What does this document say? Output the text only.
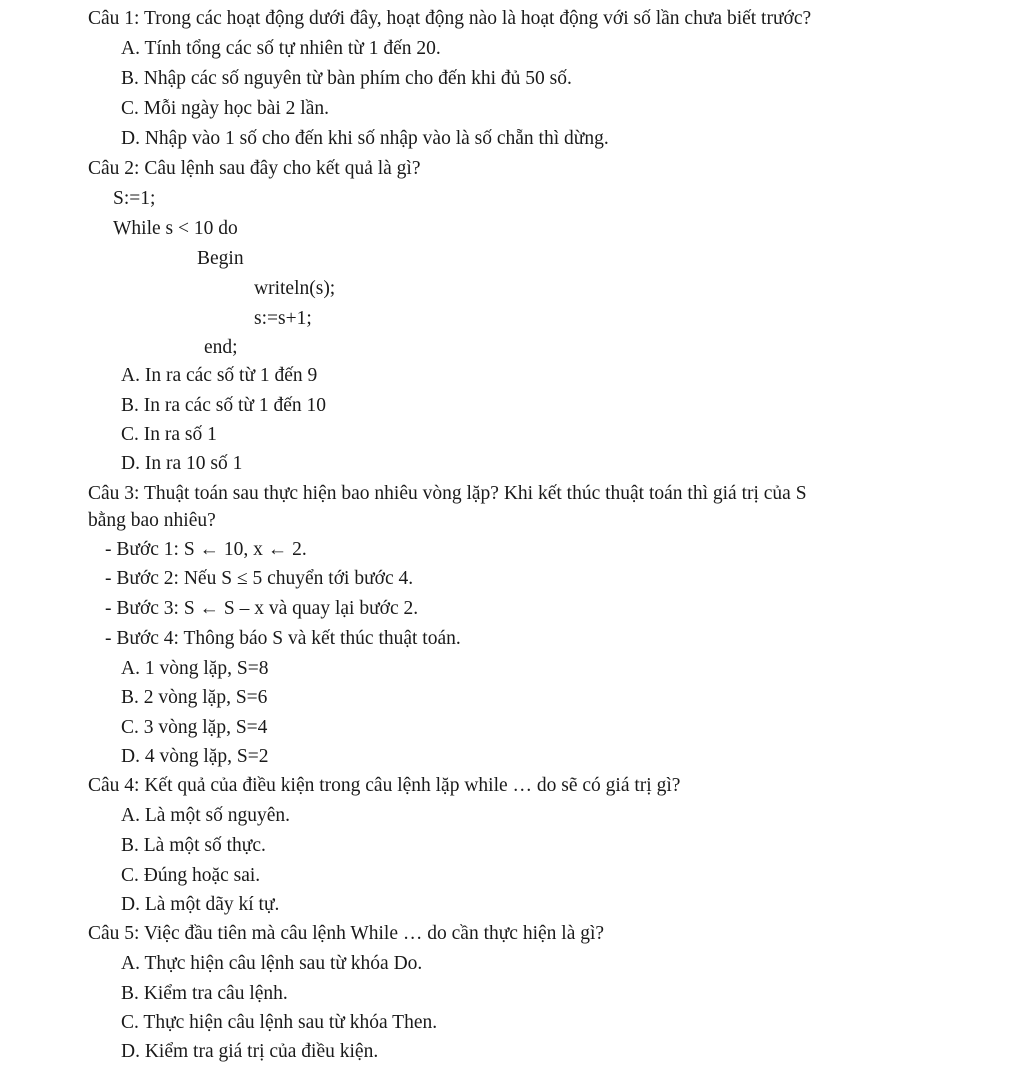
Câu 1: Trong các hoạt động dưới đây, hoạt động nào là hoạt động với số lần chưa biết trước?
A. Tính tổng các số tự nhiên từ 1 đến 20.
B. Nhập các số nguyên từ bàn phím cho đến khi đủ 50 số.
C. Mỗi ngày học bài 2 lần.
D. Nhập vào 1 số cho đến khi số nhập vào là số chẵn thì dừng.
Câu 2: Câu lệnh sau đây cho kết quả là gì?
S:=1;
While s < 10 do
Begin
writeln(s);
s:=s+1;
end;
A. In ra các số từ 1 đến 9
B. In ra các số từ 1 đến 10
C. In ra số 1
D. In ra 10 số 1
Câu 3: Thuật toán sau thực hiện bao nhiêu vòng lặp? Khi kết thúc thuật toán thì giá trị của S
bằng bao nhiêu?
- Bước 1: S ← 10, x ← 2.
- Bước 2: Nếu S ≤ 5 chuyển tới bước 4.
- Bước 3: S ← S – x và quay lại bước 2.
- Bước 4: Thông báo S và kết thúc thuật toán.
A. 1 vòng lặp, S=8
B. 2 vòng lặp, S=6
C. 3 vòng lặp, S=4
D. 4 vòng lặp, S=2
Câu 4: Kết quả của điều kiện trong câu lệnh lặp while … do sẽ có giá trị gì?
A. Là một số nguyên.
B. Là một số thực.
C. Đúng hoặc sai.
D. Là một dãy kí tự.
Câu 5: Việc đầu tiên mà câu lệnh While … do cần thực hiện là gì?
A. Thực hiện câu lệnh sau từ khóa Do.
B. Kiểm tra câu lệnh.
C. Thực hiện câu lệnh sau từ khóa Then.
D. Kiểm tra giá trị của điều kiện.
